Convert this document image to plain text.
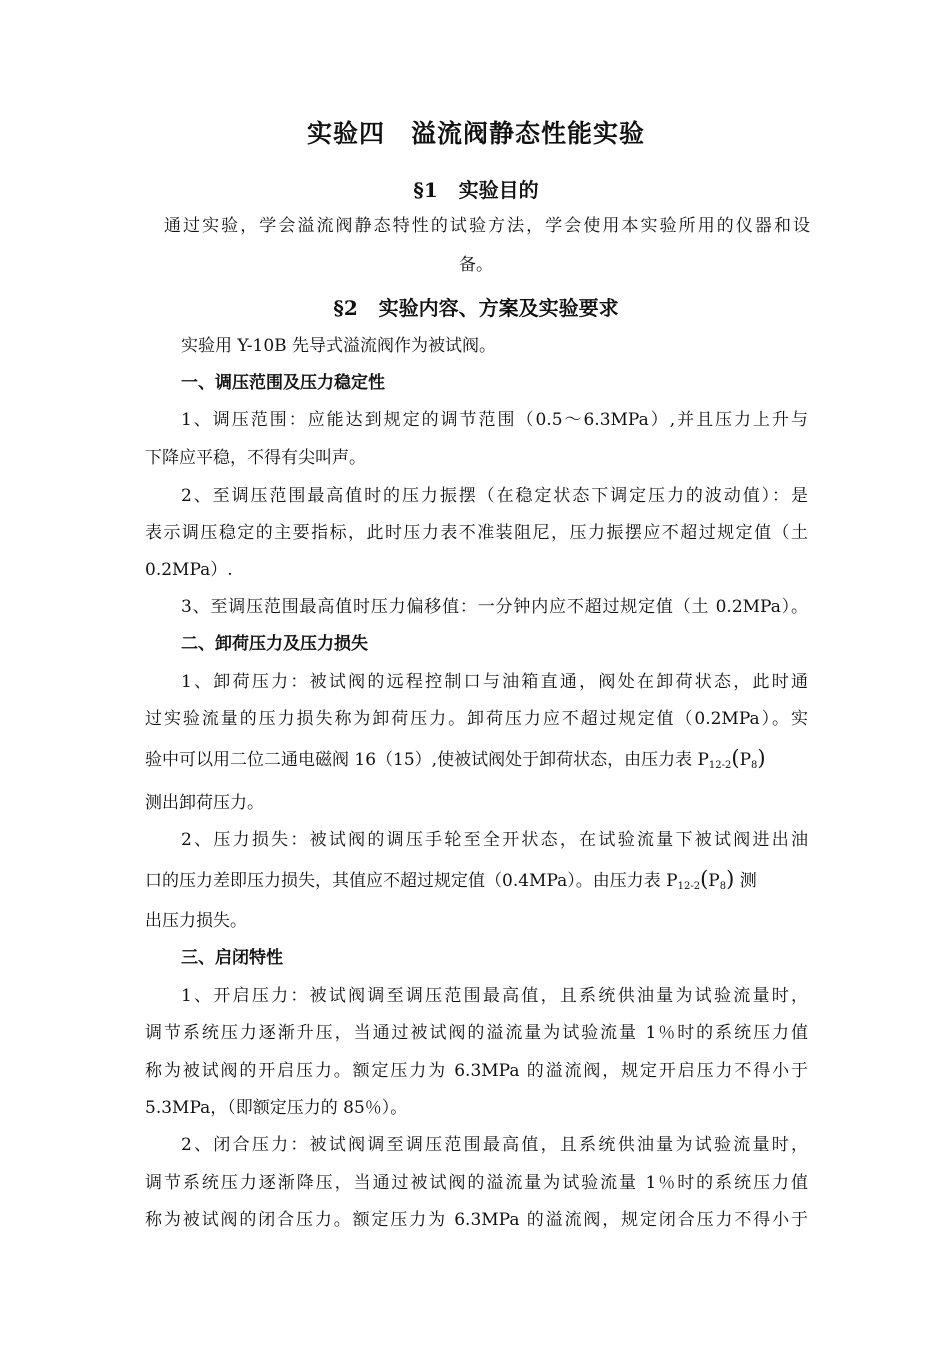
实验四　溢流阀静态性能实验
§1 实验目的
通过实验，学会溢流阀静态特性的试验方法，学会使用本实验所用的仪器和设
备。
§2 实验内容、方案及实验要求
实验用 Y-10B 先导式溢流阀作为被试阀。
一、调压范围及压力稳定性
1、调压范围：应能达到规定的调节范围（0.5～6.3MPa）,并且压力上升与
下降应平稳，不得有尖叫声。
2、至调压范围最高值时的压力振摆（在稳定状态下调定压力的波动值）：是
表示调压稳定的主要指标，此时压力表不准装阻尼，压力振摆应不超过规定值（土
0.2MPa）.
3、至调压范围最高值时压力偏移值：一分钟内应不超过规定值（土 0.2MPa）。
二、卸荷压力及压力损失
1、卸荷压力：被试阀的远程控制口与油箱直通，阀处在卸荷状态，此时通
过实验流量的压力损失称为卸荷压力。卸荷压力应不超过规定值（0.2MPa）。实
验中可以用二位二通电磁阀 16（15）,使被试阀处于卸荷状态，由压力表 $P_{12-2}(P_8)$
测出卸荷压力。
2、压力损失：被试阀的调压手轮至全开状态，在试验流量下被试阀进出油
口的压力差即压力损失，其值应不超过规定值（0.4MPa）。由压力表 $P_{12-2}(P_8)$ 测
出压力损失。
三、启闭特性
1、开启压力：被试阀调至调压范围最高值，且系统供油量为试验流量时，
调节系统压力逐渐升压，当通过被试阀的溢流量为试验流量 1％时的系统压力值
称为被试阀的开启压力。额定压力为 6.3MPa 的溢流阀，规定开启压力不得小于
5.3MPa，（即额定压力的 85％）。
2、闭合压力：被试阀调至调压范围最高值，且系统供油量为试验流量时，
调节系统压力逐渐降压，当通过被试阀的溢流量为试验流量 1％时的系统压力值
称为被试阀的闭合压力。额定压力为 6.3MPa 的溢流阀，规定闭合压力不得小于
